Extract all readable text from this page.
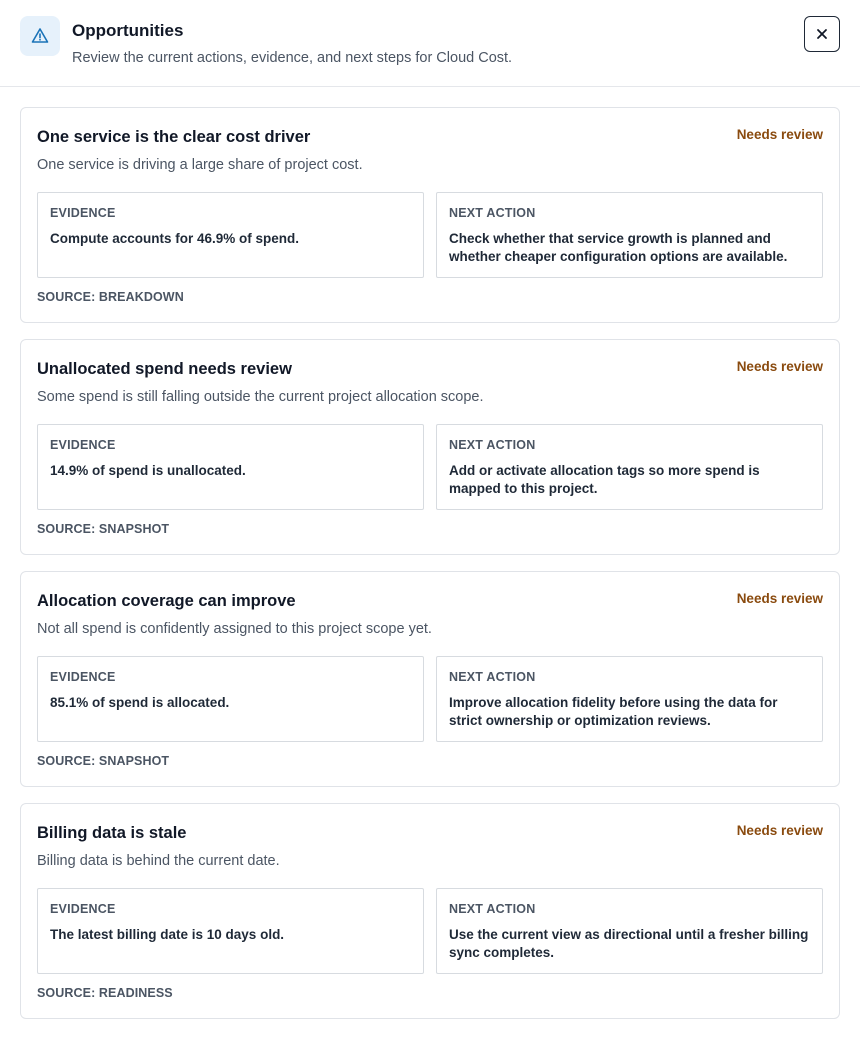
Opportunities
Review the current actions, evidence, and next steps for Cloud Cost.
One service is the clear cost driver	Needs review
One service is driving a large share of project cost.
EVIDENCE
Compute accounts for 46.9% of spend.
NEXT ACTION
Check whether that service growth is planned and whether cheaper configuration options are available.
SOURCE: BREAKDOWN
Unallocated spend needs review	Needs review
Some spend is still falling outside the current project allocation scope.
EVIDENCE
14.9% of spend is unallocated.
NEXT ACTION
Add or activate allocation tags so more spend is mapped to this project.
SOURCE: SNAPSHOT
Allocation coverage can improve	Needs review
Not all spend is confidently assigned to this project scope yet.
EVIDENCE
85.1% of spend is allocated.
NEXT ACTION
Improve allocation fidelity before using the data for strict ownership or optimization reviews.
SOURCE: SNAPSHOT
Billing data is stale	Needs review
Billing data is behind the current date.
EVIDENCE
The latest billing date is 10 days old.
NEXT ACTION
Use the current view as directional until a fresher billing sync completes.
SOURCE: READINESS
